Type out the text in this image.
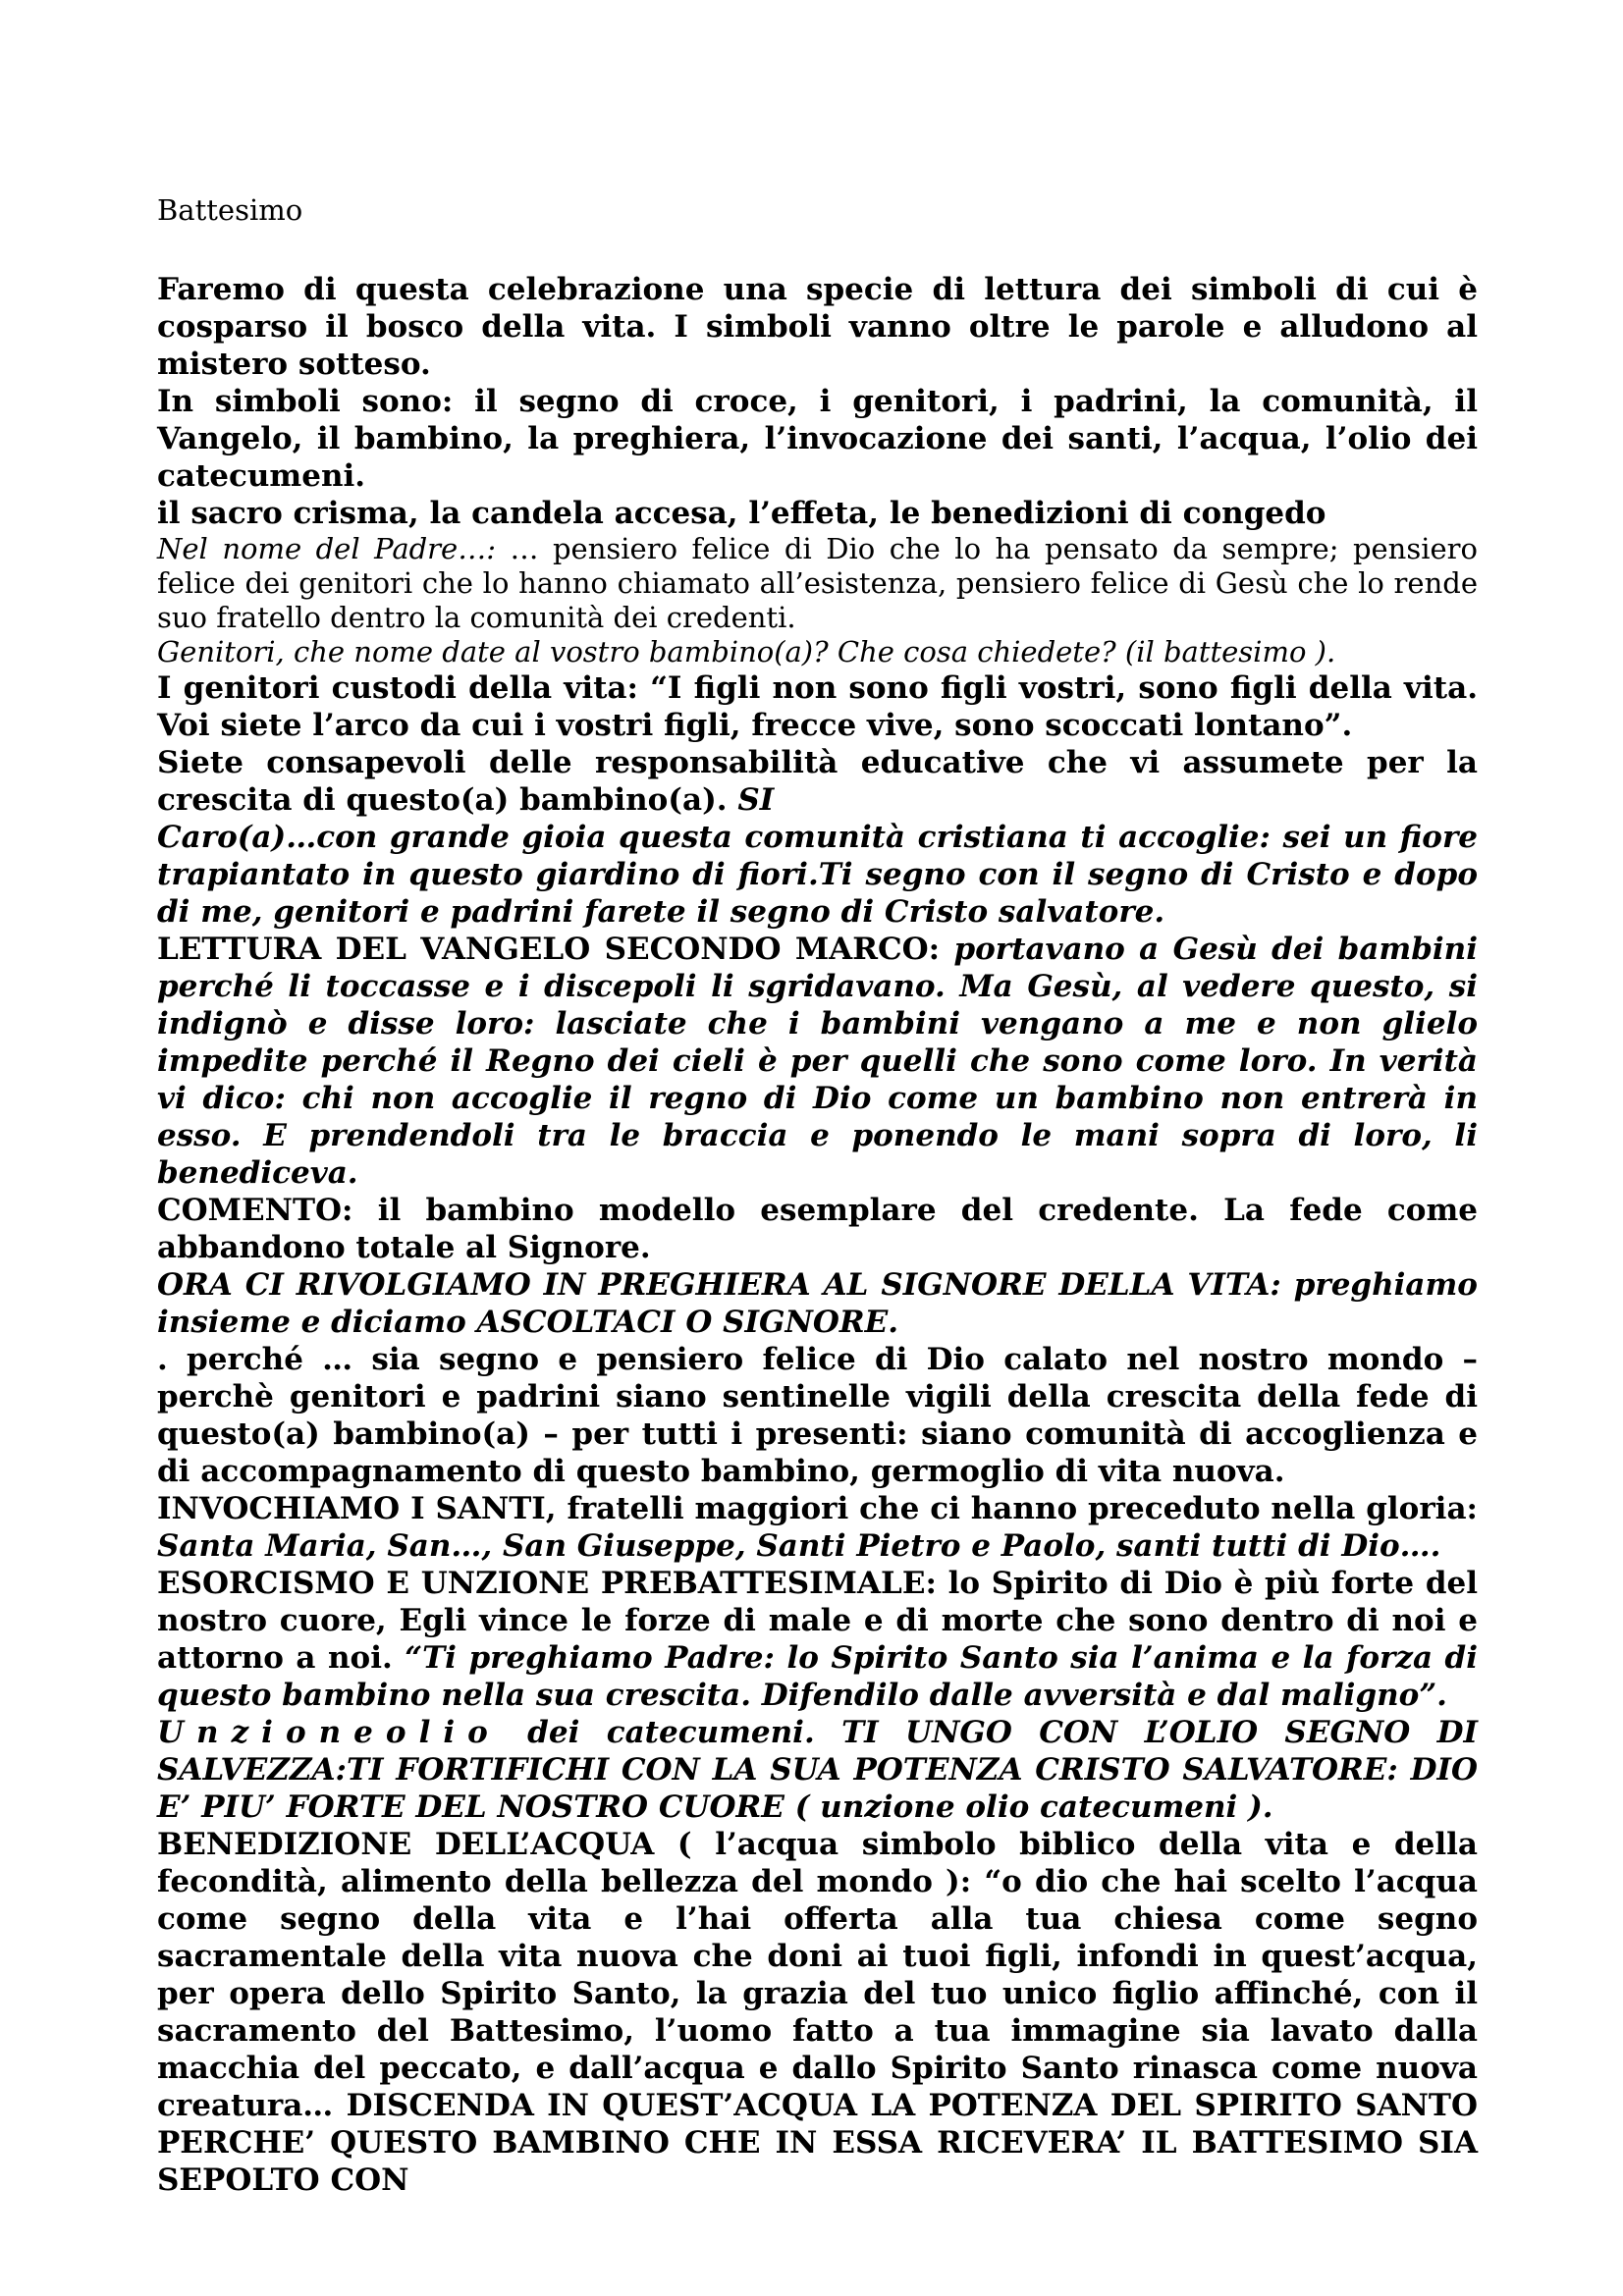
Battesimo

Faremo di questa celebrazione una specie di lettura dei simboli di cui è cosparso il bosco della vita. I simboli vanno oltre le parole e alludono al mistero sotteso.

In simboli sono: il segno di croce, i genitori, i padrini, la comunità, il Vangelo, il bambino, la preghiera, l’invocazione dei santi, l’acqua, l’olio dei catecumeni.

il sacro crisma, la candela accesa, l’effeta, le benedizioni di congedo

Nel nome del Padre…: … pensiero felice di Dio che lo ha pensato da sempre; pensiero felice dei genitori che lo hanno chiamato all’esistenza, pensiero felice di Gesù che lo rende suo fratello dentro la comunità dei credenti.

Genitori, che nome date al vostro bambino(a)? Che cosa chiedete? (il battesimo ).

I genitori custodi della vita: “I figli non sono figli vostri, sono figli della vita. Voi siete l’arco da cui i vostri figli, frecce vive, sono scoccati lontano”.

Siete consapevoli delle responsabilità educative che vi assumete per la crescita di questo(a) bambino(a). SI

Caro(a)…con grande gioia questa comunità cristiana ti accoglie: sei un fiore trapiantato in questo giardino di fiori.Ti segno con il segno di Cristo e dopo di me, genitori e padrini farete il segno di Cristo salvatore.

LETTURA DEL VANGELO SECONDO MARCO: portavano a Gesù dei bambini perché li toccasse e i discepoli li sgridavano. Ma Gesù, al vedere questo, si indignò e disse loro: lasciate che i bambini vengano a me e non glielo impedite perché il Regno dei cieli è per quelli che sono come loro. In verità vi dico: chi non accoglie il regno di Dio come un bambino non entrerà in esso. E prendendoli tra le braccia e ponendo le mani sopra di loro, li benediceva.

COMENTO: il bambino modello esemplare del credente. La fede come abbandono totale al Signore.

ORA CI RIVOLGIAMO IN PREGHIERA AL SIGNORE DELLA VITA: preghiamo insieme e diciamo ASCOLTACI O SIGNORE.

. perché … sia segno e pensiero felice di Dio calato nel nostro mondo – perchè genitori e padrini siano sentinelle vigili della crescita della fede di questo(a) bambino(a) – per tutti i presenti: siano comunità di accoglienza e di accompagnamento di questo bambino, germoglio di vita nuova.

INVOCHIAMO I SANTI, fratelli maggiori che ci hanno preceduto nella gloria: Santa Maria, San…, San Giuseppe, Santi Pietro e Paolo, santi tutti di Dio….

ESORCISMO E UNZIONE PREBATTESIMALE: lo Spirito di Dio è più forte del nostro cuore, Egli vince le forze di male e di morte che sono dentro di noi e attorno a noi. “Ti preghiamo Padre: lo Spirito Santo sia l’anima e la forza di questo bambino nella sua crescita. Difendilo dalle avversità e dal maligno”.

Unzioneolio dei catecumeni. TI UNGO CON L’OLIO SEGNO DI SALVEZZA:TI FORTIFICHI CON LA SUA POTENZA CRISTO SALVATORE: DIO E’ PIU’ FORTE DEL NOSTRO CUORE ( unzione olio catecumeni ).

BENEDIZIONE DELL’ACQUA ( l’acqua simbolo biblico della vita e della fecondità, alimento della bellezza del mondo ): “o dio che hai scelto l’acqua come segno della vita e l’hai offerta alla tua chiesa come segno sacramentale della vita nuova che doni ai tuoi figli, infondi in quest’acqua, per opera dello Spirito Santo, la grazia del tuo unico figlio affinché, con il sacramento del Battesimo, l’uomo fatto a tua immagine sia lavato dalla macchia del peccato, e dall’acqua e dallo Spirito Santo rinasca come nuova creatura… DISCENDA IN QUEST’ACQUA LA POTENZA DEL SPIRITO SANTO PERCHE’ QUESTO BAMBINO CHE IN ESSA RICEVERA’ IL BATTESIMO SIA SEPOLTO CON
